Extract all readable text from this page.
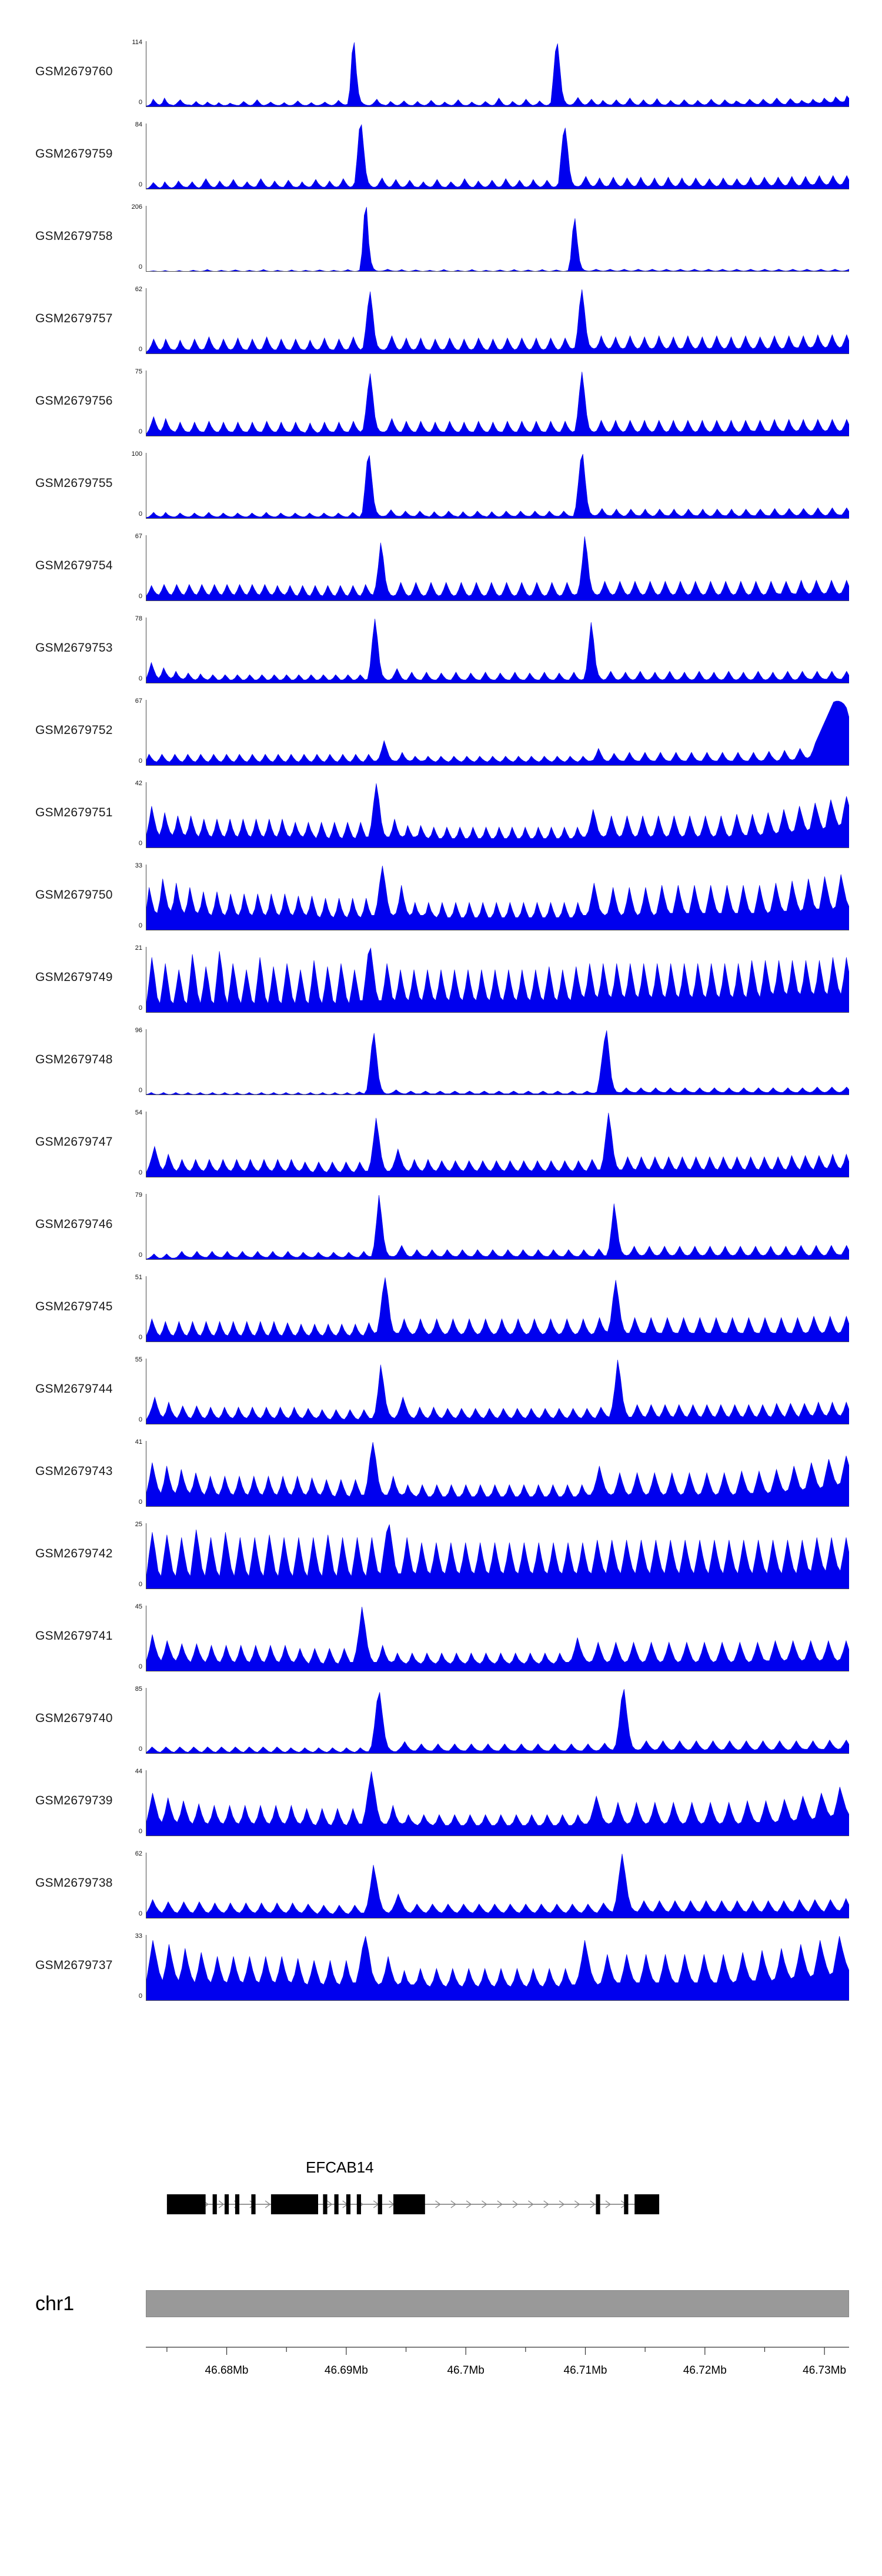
GSM2679760
114
0
GSM2679759
84
0
GSM2679758
206
0
GSM2679757
62
0
GSM2679756
75
0
GSM2679755
100
0
GSM2679754
67
0
GSM2679753
78
0
GSM2679752
67
0
GSM2679751
42
0
GSM2679750
33
0
GSM2679749
21
0
GSM2679748
96
0
GSM2679747
54
0
GSM2679746
79
0
GSM2679745
51
0
GSM2679744
55
0
GSM2679743
41
0
GSM2679742
25
0
GSM2679741
45
0
GSM2679740
85
0
GSM2679739
44
0
GSM2679738
62
0
GSM2679737
33
0
EFCAB14
chr1
46.68Mb	46.69Mb	46.7Mb	46.71Mb	46.72Mb	46.73Mb
